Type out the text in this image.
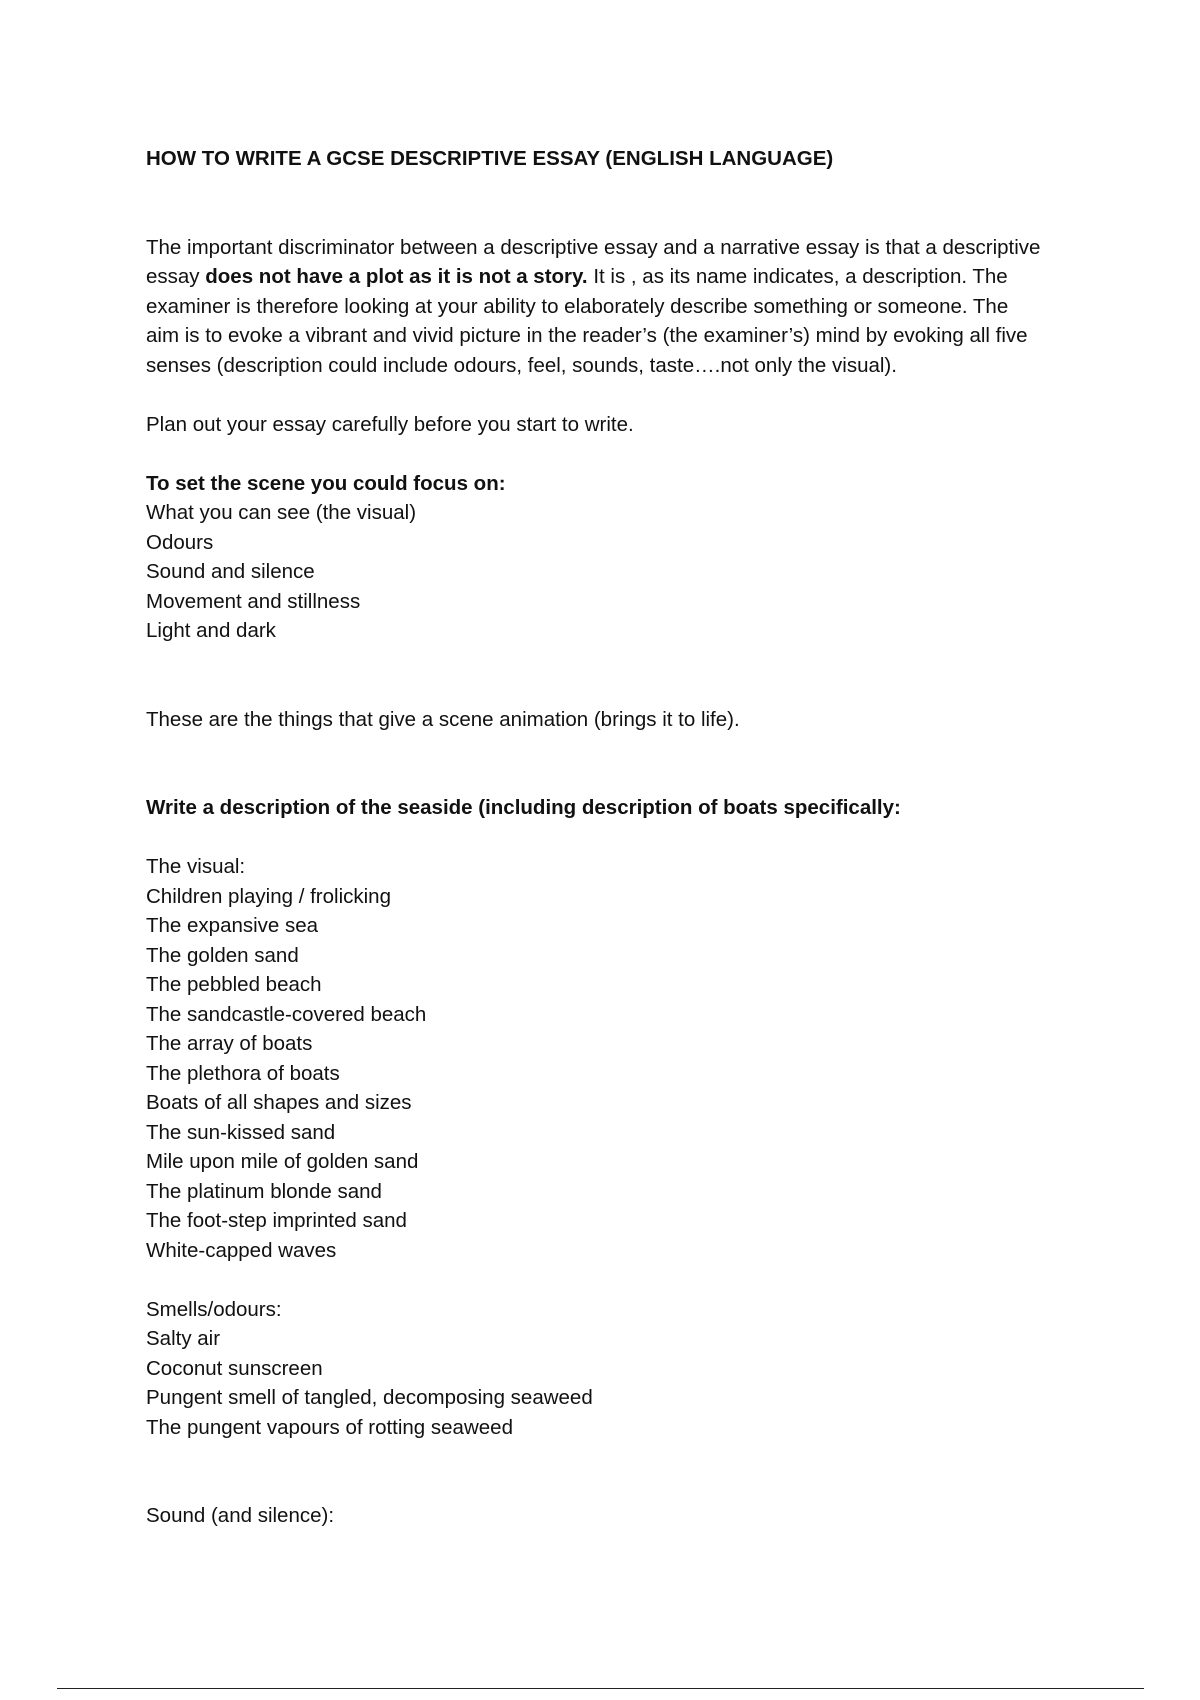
HOW TO WRITE A GCSE DESCRIPTIVE ESSAY (ENGLISH LANGUAGE)

The important discriminator between a descriptive essay and a narrative essay is that a descriptive essay does not have a plot as it is not a story. It is , as its name indicates, a description. The examiner is therefore looking at your ability to elaborately describe something or someone. The aim is to evoke a vibrant and vivid picture in the reader’s (the examiner’s) mind by evoking all five senses (description could include odours, feel, sounds, taste….not only the visual).

Plan out your essay carefully before you start to write.

To set the scene you could focus on:

What you can see (the visual)
Odours
Sound and silence
Movement and stillness
Light and dark

These are the things that give a scene animation (brings it to life).

Write a description of the seaside (including description of boats specifically:

The visual:

Children playing / frolicking
The expansive sea
The golden sand
The pebbled beach
The sandcastle-covered beach
The array of boats
The plethora of boats
Boats of all shapes and sizes
The sun-kissed sand
Mile upon mile of golden sand
The platinum blonde sand
The foot-step imprinted sand
White-capped waves

Smells/odours:

Salty air
Coconut sunscreen
Pungent smell of tangled, decomposing seaweed
The pungent vapours of rotting seaweed

Sound (and silence):
